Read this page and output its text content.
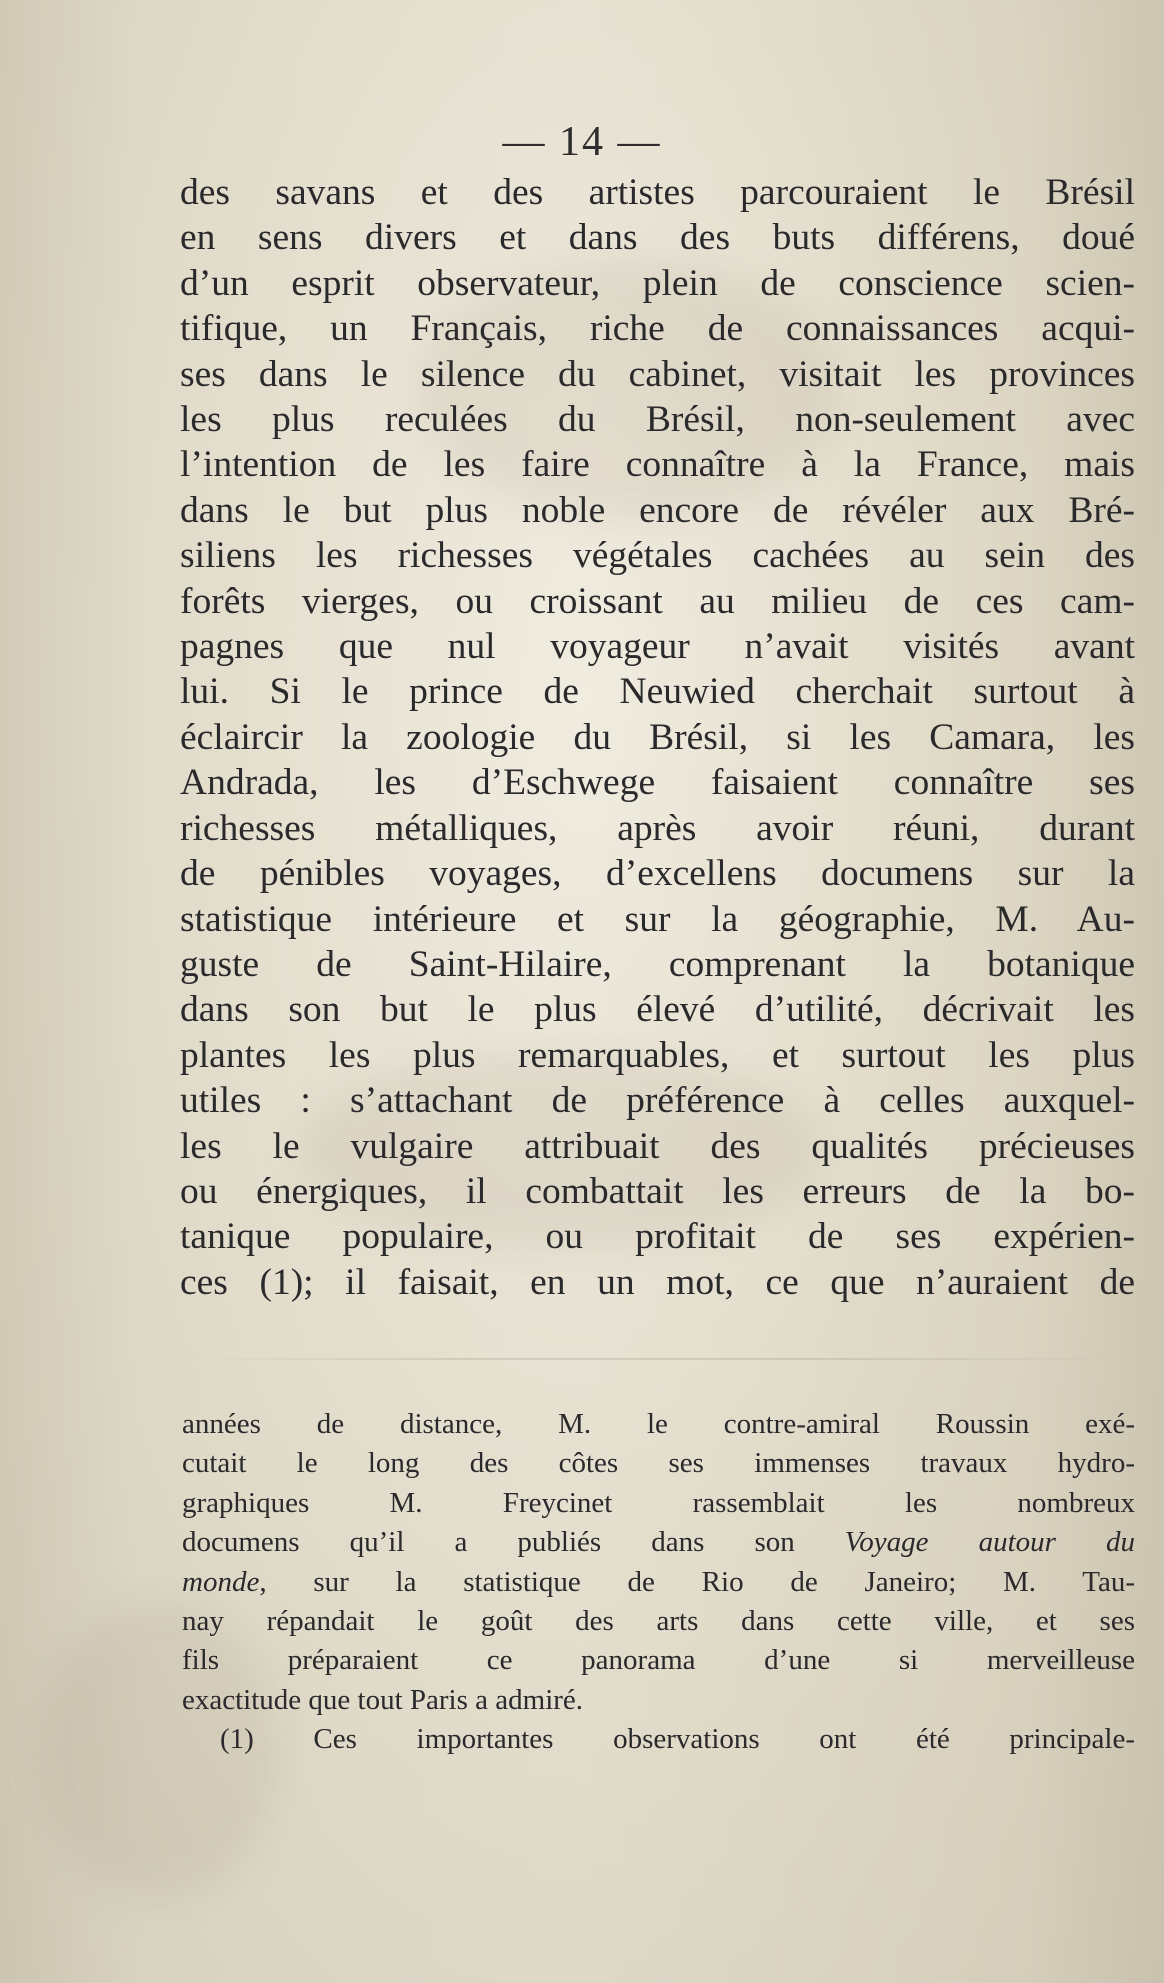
— 14 —
des savans et des artistes parcouraient le Brésil
en sens divers et dans des buts différens, doué
d’un esprit observateur, plein de conscience scien-
tifique, un Français, riche de connaissances acqui-
ses dans le silence du cabinet, visitait les provinces
les plus reculées du Brésil, non-seulement avec
l’intention de les faire connaître à la France, mais
dans le but plus noble encore de révéler aux Bré-
siliens les richesses végétales cachées au sein des
forêts vierges, ou croissant au milieu de ces cam-
pagnes que nul voyageur n’avait visités avant
lui. Si le prince de Neuwied cherchait surtout à
éclaircir la zoologie du Brésil, si les Camara, les
Andrada, les d’Eschwege faisaient connaître ses
richesses métalliques, après avoir réuni, durant
de pénibles voyages, d’excellens documens sur la
statistique intérieure et sur la géographie, M. Au-
guste de Saint-Hilaire, comprenant la botanique
dans son but le plus élevé d’utilité, décrivait les
plantes les plus remarquables, et surtout les plus
utiles : s’attachant de préférence à celles auxquel-
les le vulgaire attribuait des qualités précieuses
ou énergiques, il combattait les erreurs de la bo-
tanique populaire, ou profitait de ses expérien-
ces (1); il faisait, en un mot, ce que n’auraient de
années de distance, M. le contre-amiral Roussin exé-
cutait le long des côtes ses immenses travaux hydro-
graphiques M. Freycinet rassemblait les nombreux
documens qu’il a publiés dans son Voyage autour du
monde, sur la statistique de Rio de Janeiro; M. Tau-
nay répandait le goût des arts dans cette ville, et ses
fils préparaient ce panorama d’une si merveilleuse
exactitude que tout Paris a admiré.
(1) Ces importantes observations ont été principale-
